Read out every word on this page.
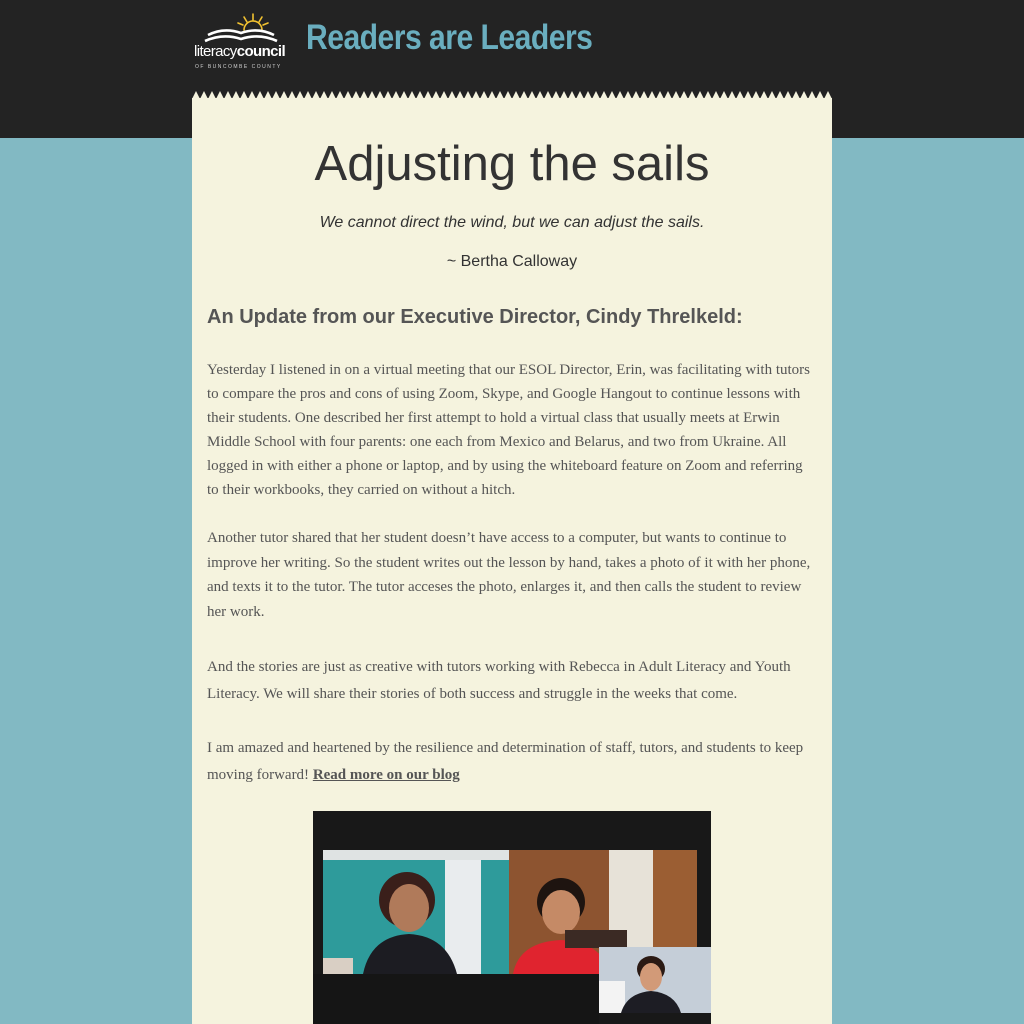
literacycouncil
OF BUNCOMBE COUNTY
Readers are Leaders
Adjusting the sails
We cannot direct the wind, but we can adjust the sails.
~ Bertha Calloway
An Update from our Executive Director, Cindy Threlkeld:
Yesterday I listened in on a virtual meeting that our ESOL Director, Erin, was facilitating with tutors to compare the pros and cons of using Zoom, Skype, and Google Hangout to continue lessons with their students. One described her first attempt to hold a virtual class that usually meets at Erwin Middle School with four parents: one each from Mexico and Belarus, and two from Ukraine. All logged in with either a phone or laptop, and by using the whiteboard feature on Zoom and referring to their workbooks, they carried on without a hitch.
Another tutor shared that her student doesn’t have access to a computer, but wants to continue to improve her writing. So the student writes out the lesson by hand, takes a photo of it with her phone, and texts it to the tutor. The tutor acceses the photo, enlarges it, and then calls the student to review her work.
And the stories are just as creative with tutors working with Rebecca in Adult Literacy and Youth Literacy. We will share their stories of both success and struggle in the weeks that come.
I am amazed and heartened by the resilience and determination of staff, tutors, and students to keep moving forward! Read more on our blog
